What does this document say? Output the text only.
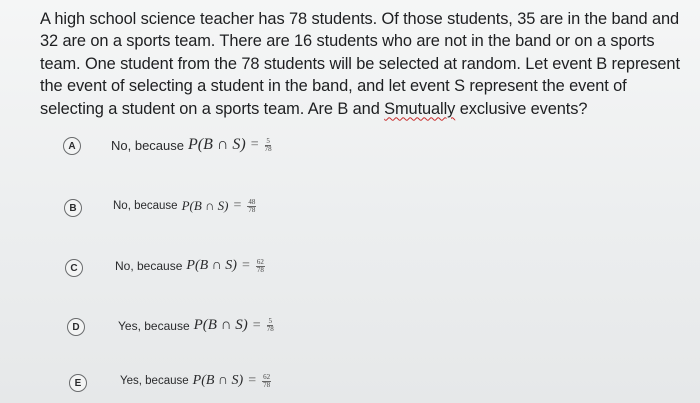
A high school science teacher has 78 students. Of those students, 35 are in the band and 32 are on a sports team. There are 16 students who are not in the band or on a sports team. One student from the 78 students will be selected at random. Let event B represent the event of selecting a student in the band, and let event S represent the event of selecting a student on a sports team. Are B and Smutually exclusive events?

A	No, because P(B ∩ $S) = \frac{5}{78}$
B	No, because P(B ∩ $S) = \frac{48}{78}$
C	No, because P(B ∩ $S) = \frac{62}{78}$
D	Yes, because P(B ∩ $S) = \frac{5}{78}$
E	Yes, because P(B ∩ $S) = \frac{62}{78}$
